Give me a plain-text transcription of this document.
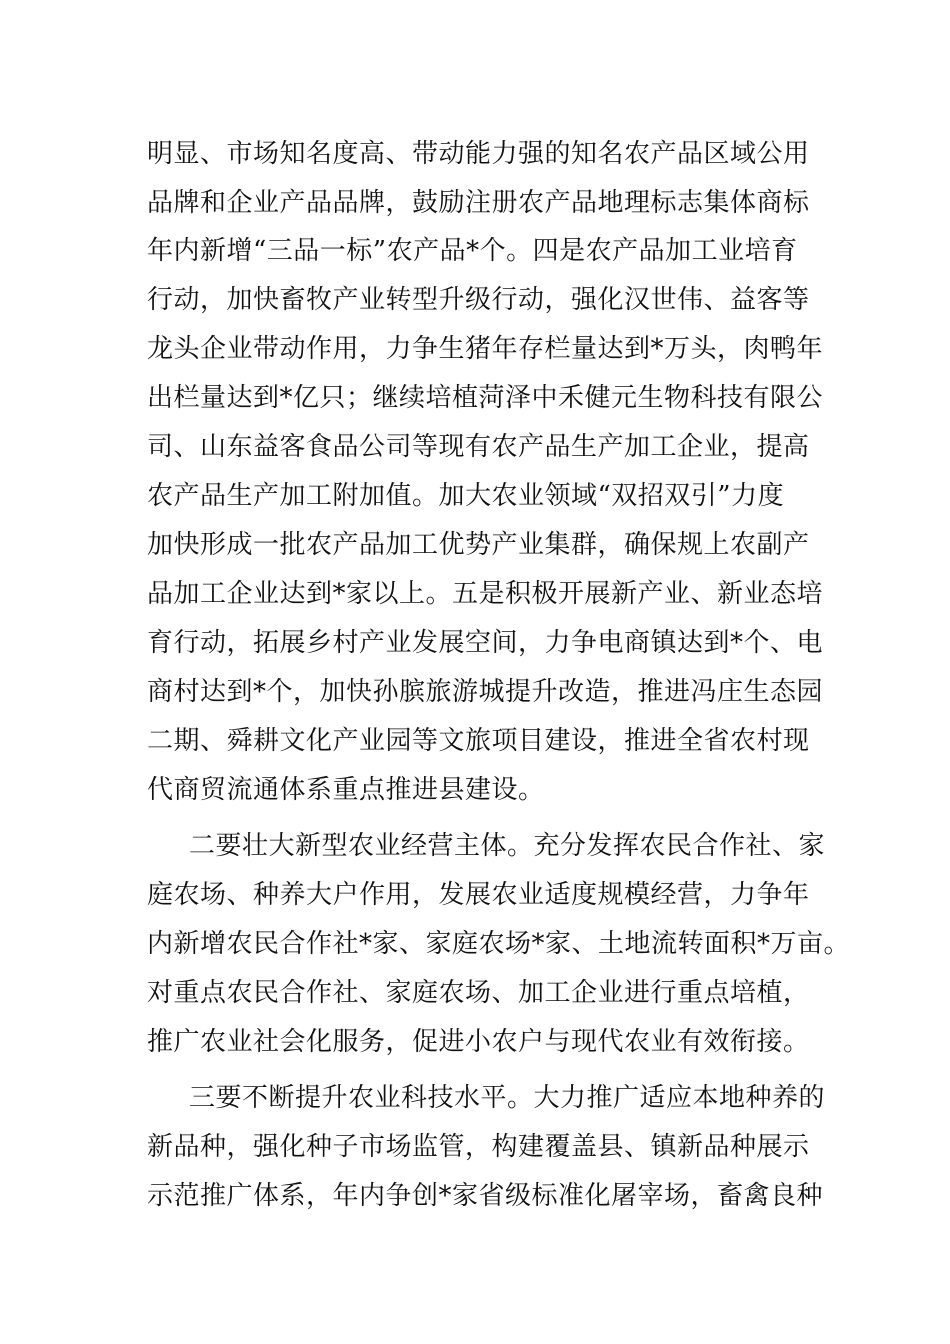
明显、市场知名度高、带动能力强的知名农产品区域公用
品牌和企业产品品牌，鼓励注册农产品地理标志集体商标
年内新增“三品一标”农产品*个。四是农产品加工业培育
行动，加快畜牧产业转型升级行动，强化汉世伟、益客等
龙头企业带动作用，力争生猪年存栏量达到*万头，肉鸭年
出栏量达到*亿只；继续培植菏泽中禾健元生物科技有限公
司、山东益客食品公司等现有农产品生产加工企业，提高
农产品生产加工附加值。加大农业领域“双招双引”力度
加快形成一批农产品加工优势产业集群，确保规上农副产
品加工企业达到*家以上。五是积极开展新产业、新业态培
育行动，拓展乡村产业发展空间，力争电商镇达到*个、电
商村达到*个，加快孙膑旅游城提升改造，推进冯庄生态园
二期、舜耕文化产业园等文旅项目建设，推进全省农村现
代商贸流通体系重点推进县建设。
二要壮大新型农业经营主体。充分发挥农民合作社、家
庭农场、种养大户作用，发展农业适度规模经营，力争年
内新增农民合作社*家、家庭农场*家、土地流转面积*万亩。
对重点农民合作社、家庭农场、加工企业进行重点培植，
推广农业社会化服务，促进小农户与现代农业有效衔接。
三要不断提升农业科技水平。大力推广适应本地种养的
新品种，强化种子市场监管，构建覆盖县、镇新品种展示
示范推广体系，年内争创*家省级标准化屠宰场，畜禽良种
